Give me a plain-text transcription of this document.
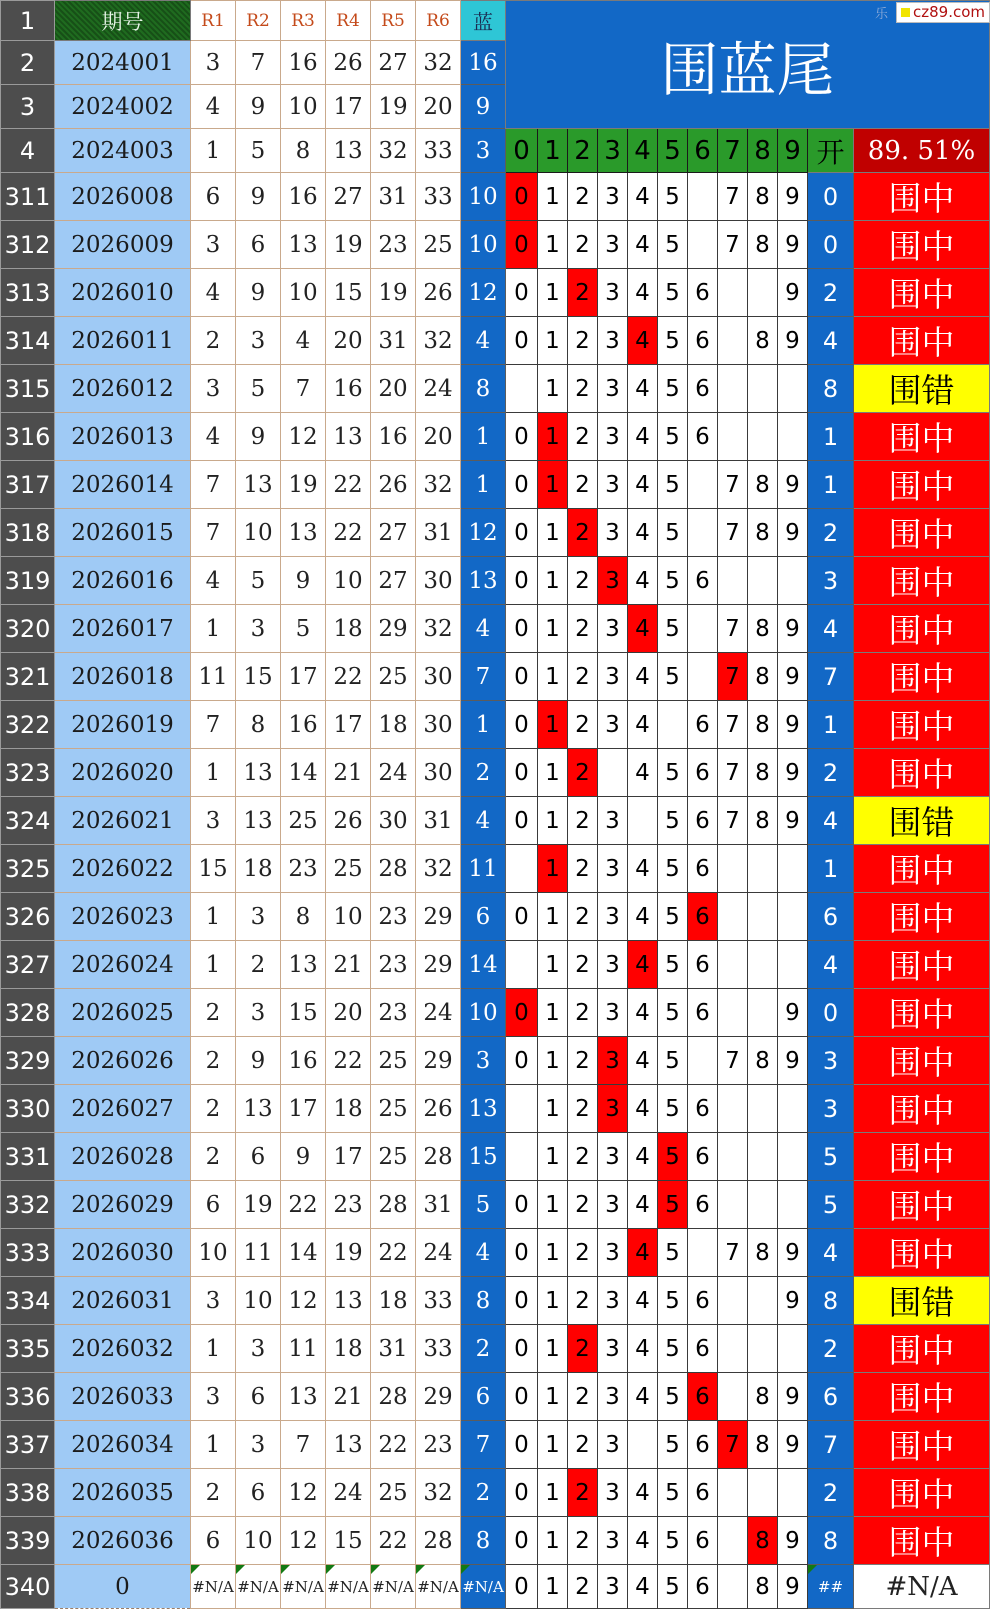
1	期号	R1	R2	R3	R4	R5	R6	蓝	围蓝尾											
2	2024001	3	7	16	26	27	32	16												
3	2024002	4	9	10	17	19	20	9												
4	2024003	1	5	8	13	32	33	3	0	1	2	3	4	5	6	7	8	9	开	89. 51%
311	2026008	6	9	16	27	31	33	10	0	1	2	3	4	5		7	8	9	0	围中
312	2026009	3	6	13	19	23	25	10	0	1	2	3	4	5		7	8	9	0	围中
313	2026010	4	9	10	15	19	26	12	0	1	2	3	4	5	6			9	2	围中
314	2026011	2	3	4	20	31	32	4	0	1	2	3	4	5	6		8	9	4	围中
315	2026012	3	5	7	16	20	24	8		1	2	3	4	5	6				8	围错
316	2026013	4	9	12	13	16	20	1	0	1	2	3	4	5	6				1	围中
317	2026014	7	13	19	22	26	32	1	0	1	2	3	4	5		7	8	9	1	围中
318	2026015	7	10	13	22	27	31	12	0	1	2	3	4	5		7	8	9	2	围中
319	2026016	4	5	9	10	27	30	13	0	1	2	3	4	5	6				3	围中
320	2026017	1	3	5	18	29	32	4	0	1	2	3	4	5		7	8	9	4	围中
321	2026018	11	15	17	22	25	30	7	0	1	2	3	4	5		7	8	9	7	围中
322	2026019	7	8	16	17	18	30	1	0	1	2	3	4		6	7	8	9	1	围中
323	2026020	1	13	14	21	24	30	2	0	1	2		4	5	6	7	8	9	2	围中
324	2026021	3	13	25	26	30	31	4	0	1	2	3		5	6	7	8	9	4	围错
325	2026022	15	18	23	25	28	32	11		1	2	3	4	5	6				1	围中
326	2026023	1	3	8	10	23	29	6	0	1	2	3	4	5	6				6	围中
327	2026024	1	2	13	21	23	29	14		1	2	3	4	5	6				4	围中
328	2026025	2	3	15	20	23	24	10	0	1	2	3	4	5	6			9	0	围中
329	2026026	2	9	16	22	25	29	3	0	1	2	3	4	5		7	8	9	3	围中
330	2026027	2	13	17	18	25	26	13		1	2	3	4	5	6				3	围中
331	2026028	2	6	9	17	25	28	15		1	2	3	4	5	6				5	围中
332	2026029	6	19	22	23	28	31	5	0	1	2	3	4	5	6				5	围中
333	2026030	10	11	14	19	22	24	4	0	1	2	3	4	5		7	8	9	4	围中
334	2026031	3	10	12	13	18	33	8	0	1	2	3	4	5	6			9	8	围错
335	2026032	1	3	11	18	31	33	2	0	1	2	3	4	5	6				2	围中
336	2026033	3	6	13	21	28	29	6	0	1	2	3	4	5	6		8	9	6	围中
337	2026034	1	3	7	13	22	23	7	0	1	2	3		5	6	7	8	9	7	围中
338	2026035	2	6	12	24	25	32	2	0	1	2	3	4	5	6				2	围中
339	2026036	6	10	12	15	22	28	8	0	1	2	3	4	5	6		8	9	8	围中
340	0	#N/A	#N/A	#N/A	#N/A	#N/A	#N/A	#N/A	0	1	2	3	4	5	6		8	9	##	#N/A
乐	cz89.com
